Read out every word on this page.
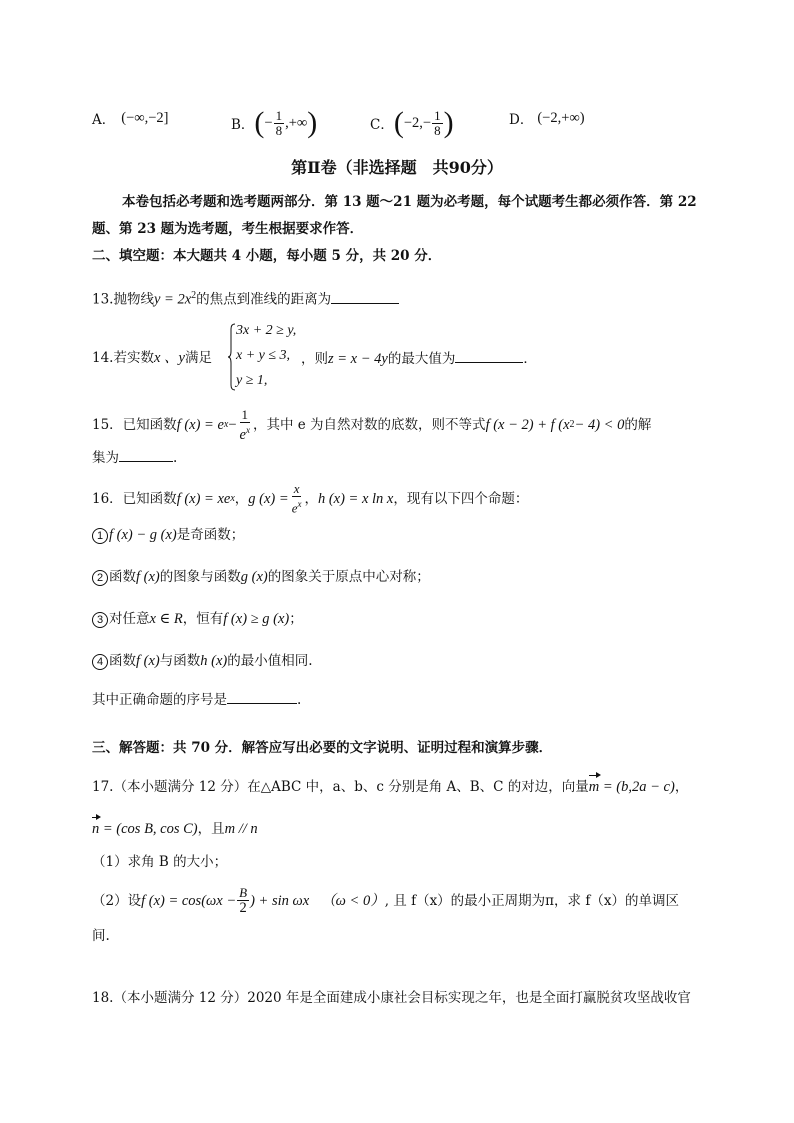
A． (−∞,−2]	B． ( − $\frac{1}{8}$ ,+∞ )	C． ( $-2,- \frac{1}{8}$ )	D． (−2,+∞)
第Ⅱ卷（非选择题　共90分）
本卷包括必考题和选考题两部分．第 13 题～21 题为必考题，每个试题考生都必须作答．第 22
题、第 23 题为选考题，考生根据要求作答．
二、填空题：本大题共 4 小题，每小题 5 分，共 20 分．
13.抛物线$y = 2x^2$的焦点到准线的距离为
14.若实数x 、y满足
3x + 2 ≥ y,
x + y ≤ 3,
y ≥ 1,
，则z = x − 4y的最大值为	．
15．已知函数 f (x) = e $x - \frac{1}{e^x}$ ，其中 e 为自然对数的底数，则不等式 f (x − 2) + f (x 2 − 4) < 0 的解
集为	.
16．已知函数 f (x) = xe x ， g $(x) = \frac{x}{e^x}$ ， h (x) = x ln x ，现有以下四个命题：
1 f (x) − g (x)是奇函数；
2 函数f (x)的图象与函数g (x)的图象关于原点中心对称；
3 对任意x ∈ R，恒有f (x) ≥ g (x)；
4 函数f (x)与函数h (x)的最小值相同.
其中正确命题的序号是	.
三、解答题：共 70 分．解答应写出必要的文字说明、证明过程和演算步骤．
17.（本小题满分 12 分）在△ABC 中，a、b、c 分别是角 A、B、C 的对边，向量m = (b,2a − c)，
n = (cos B, cos C)，且m // n
（1）求角 B 的大小；
（2）设 f $(x) = \cos(\omega x - \frac{B}{2}$ ) + sin ωx （ω < 0） , 且 f（x）的最小正周期为π，求 f（x）的单调区
间.
18.（本小题满分 12 分）2020 年是全面建成小康社会目标实现之年，也是全面打赢脱贫攻坚战收官
